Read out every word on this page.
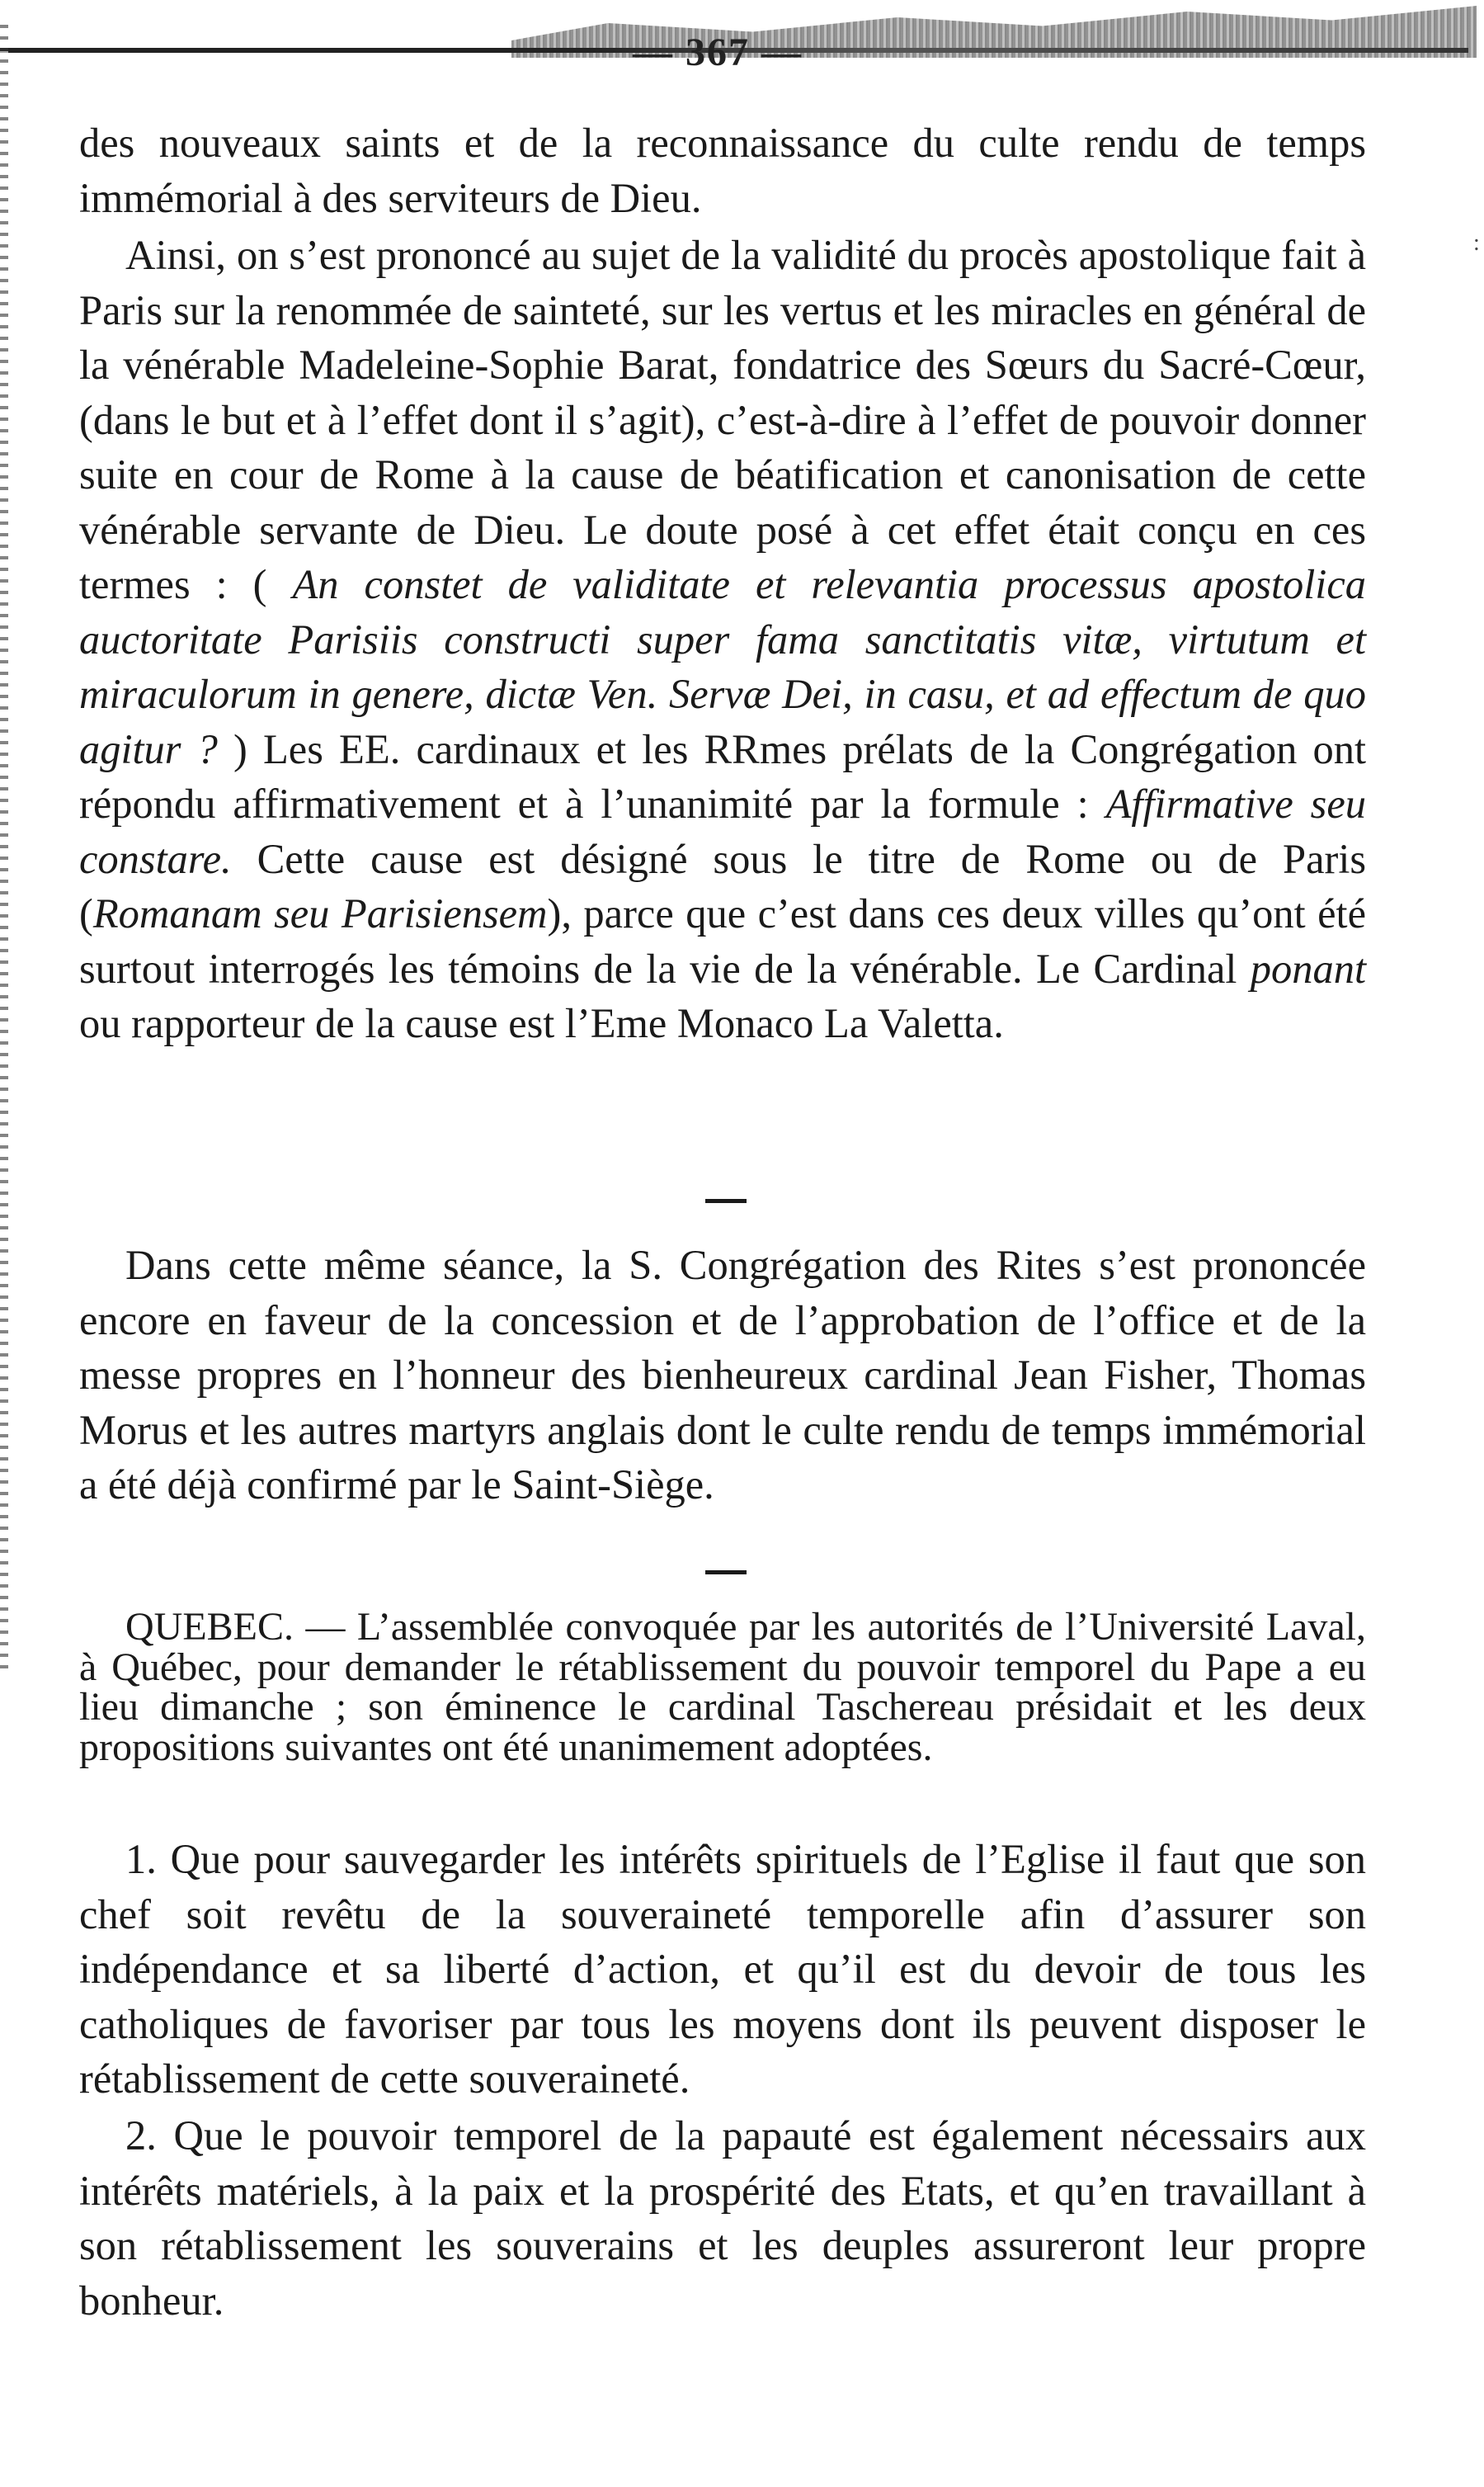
:
— 367 —

des nouveaux saints et de la reconnaissance du culte rendu de temps immémorial à des serviteurs de Dieu.

Ainsi, on s’est prononcé au sujet de la validité du procès apostolique fait à Paris sur la renommée de sainteté, sur les vertus et les miracles en général de la vénérable Madeleine-Sophie Barat, fondatrice des Sœurs du Sacré-Cœur, (dans le but et à l’effet dont il s’agit), c’est-à-dire à l’effet de pouvoir donner suite en cour de Rome à la cause de béatification et canonisation de cette vénérable servante de Dieu. Le doute posé à cet effet était conçu en ces termes : ( An constet de validitate et relevantia processus apostolica auctoritate Parisiis constructi super fama sanctitatis vitæ, virtutum et miraculorum in genere, dictæ Ven. Servæ Dei, in casu, et ad effectum de quo agitur ? ) Les EE. cardinaux et les RRmes prélats de la Congrégation ont répondu affirmativement et à l’unanimité par la formule : Affirmative seu constare. Cette cause est désigné sous le titre de Rome ou de Paris (Romanam seu Parisiensem), parce que c’est dans ces deux villes qu’ont été surtout interrogés les témoins de la vie de la vénérable. Le Cardinal ponant ou rapporteur de la cause est l’Eme Monaco La Valetta.

Dans cette même séance, la S. Congrégation des Rites s’est prononcée encore en faveur de la concession et de l’approbation de l’office et de la messe propres en l’honneur des bienheureux cardinal Jean Fisher, Thomas Morus et les autres martyrs anglais dont le culte rendu de temps immémorial a été déjà confirmé par le Saint-Siège.

QUEBEC. — L’assemblée convoquée par les autorités de l’Université Laval, à Québec, pour demander le rétablissement du pouvoir temporel du Pape a eu lieu dimanche ; son éminence le cardinal Taschereau présidait et les deux propositions suivantes ont été unanimement adoptées.

1. Que pour sauvegarder les intérêts spirituels de l’Eglise il faut que son chef soit revêtu de la souveraineté temporelle afin d’assurer son indépendance et sa liberté d’action, et qu’il est du devoir de tous les catholiques de favoriser par tous les moyens dont ils peuvent disposer le rétablissement de cette souveraineté.

2. Que le pouvoir temporel de la papauté est également nécessairs aux intérêts matériels, à la paix et la prospérité des Etats, et qu’en travaillant à son rétablissement les souverains et les deuples assureront leur propre bonheur.
